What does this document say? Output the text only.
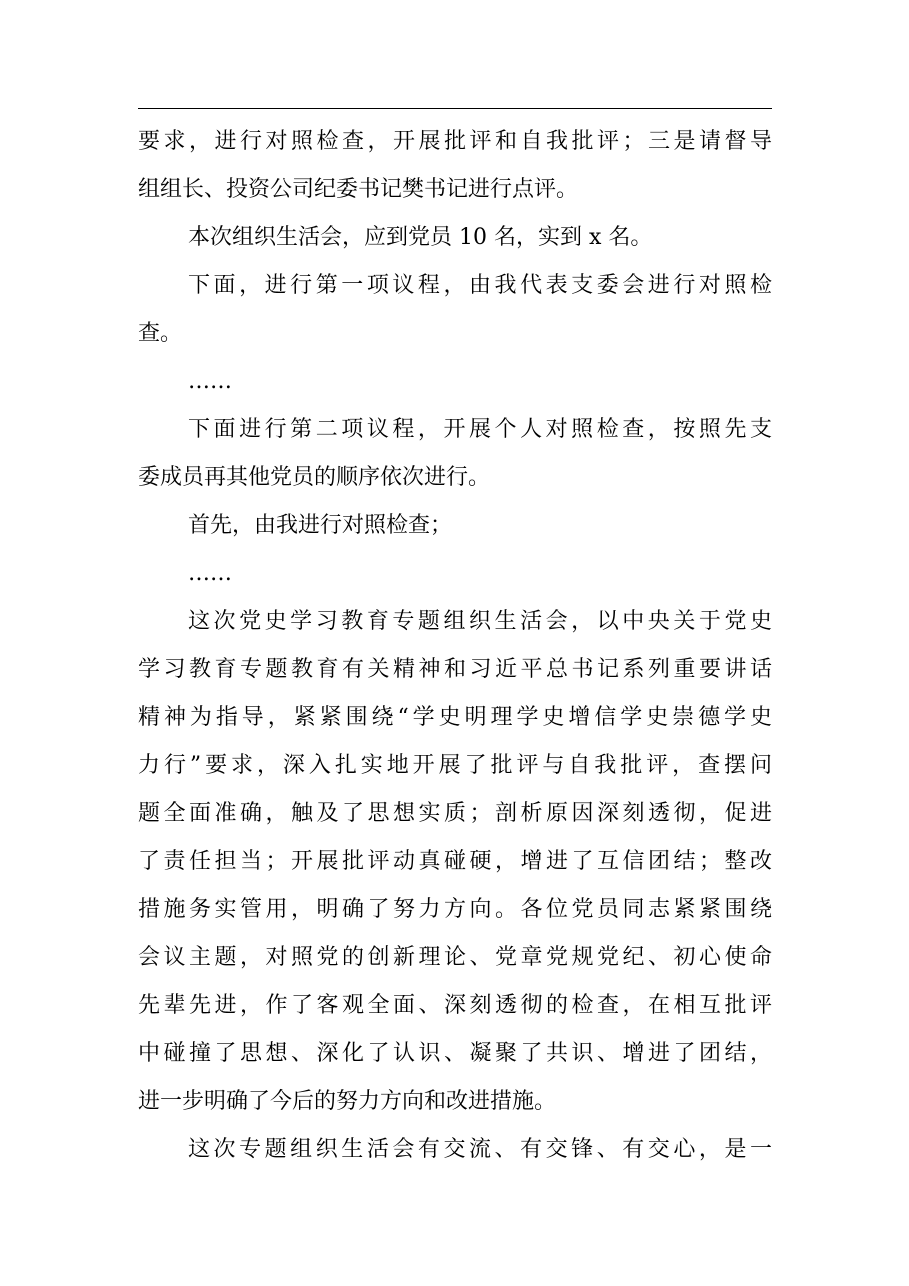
要求，进行对照检查，开展批评和自我批评；三是请督导
组组长、投资公司纪委书记樊书记进行点评。
本次组织生活会，应到党员 10 名，实到 x 名。
下面，进行第一项议程，由我代表支委会进行对照检
查。
……
下面进行第二项议程，开展个人对照检查，按照先支
委成员再其他党员的顺序依次进行。
首先，由我进行对照检查；
……
这次党史学习教育专题组织生活会，以中央关于党史
学习教育专题教育有关精神和习近平总书记系列重要讲话
精神为指导，紧紧围绕“学史明理学史增信学史崇德学史
力行”要求，深入扎实地开展了批评与自我批评，查摆问
题全面准确，触及了思想实质；剖析原因深刻透彻，促进
了责任担当；开展批评动真碰硬，增进了互信团结；整改
措施务实管用，明确了努力方向。各位党员同志紧紧围绕
会议主题，对照党的创新理论、党章党规党纪、初心使命
先辈先进，作了客观全面、深刻透彻的检查，在相互批评
中碰撞了思想、深化了认识、凝聚了共识、增进了团结，
进一步明确了今后的努力方向和改进措施。
这次专题组织生活会有交流、有交锋、有交心，是一
